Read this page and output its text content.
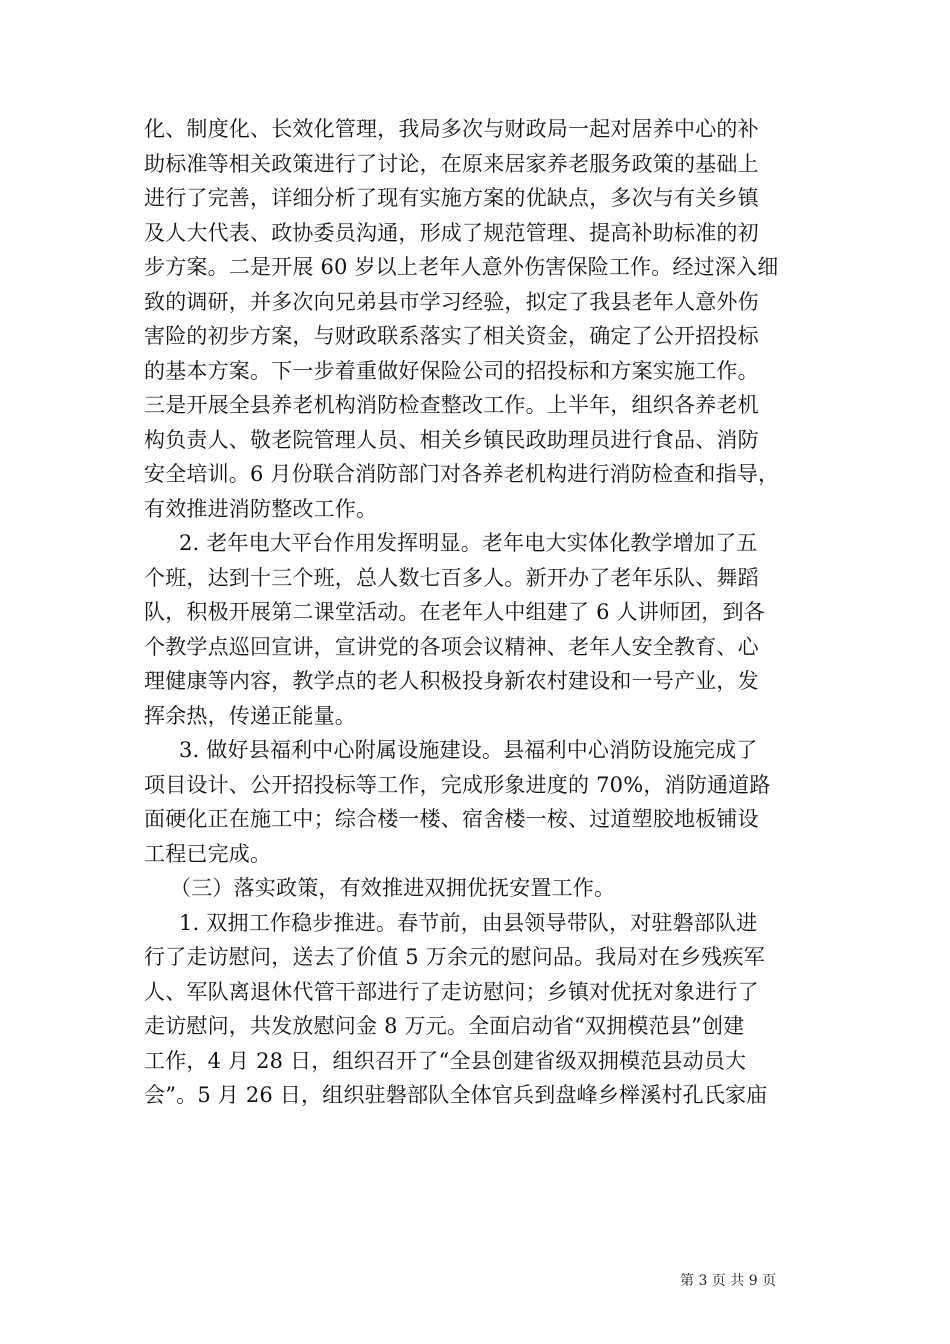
化、制度化、长效化管理，我局多次与财政局一起对居养中心的补
助标准等相关政策进行了讨论，在原来居家养老服务政策的基础上
进行了完善，详细分析了现有实施方案的优缺点，多次与有关乡镇
及人大代表、政协委员沟通，形成了规范管理、提高补助标准的初
步方案。二是开展 60 岁以上老年人意外伤害保险工作。经过深入细
致的调研，并多次向兄弟县市学习经验，拟定了我县老年人意外伤
害险的初步方案，与财政联系落实了相关资金，确定了公开招投标
的基本方案。下一步着重做好保险公司的招投标和方案实施工作。
三是开展全县养老机构消防检查整改工作。上半年，组织各养老机
构负责人、敬老院管理人员、相关乡镇民政助理员进行食品、消防
安全培训。6 月份联合消防部门对各养老机构进行消防检查和指导，
有效推进消防整改工作。
2. 老年电大平台作用发挥明显。老年电大实体化教学增加了五
个班，达到十三个班，总人数七百多人。新开办了老年乐队、舞蹈
队，积极开展第二课堂活动。在老年人中组建了 6 人讲师团，到各
个教学点巡回宣讲，宣讲党的各项会议精神、老年人安全教育、心
理健康等内容，教学点的老人积极投身新农村建设和一号产业，发
挥余热，传递正能量。
3. 做好县福利中心附属设施建设。县福利中心消防设施完成了
项目设计、公开招投标等工作，完成形象进度的 70%，消防通道路
面硬化正在施工中；综合楼一楼、宿舍楼一桉、过道塑胶地板铺设
工程已完成。
（三）落实政策，有效推进双拥优抚安置工作。
1. 双拥工作稳步推进。春节前，由县领导带队，对驻磐部队进
行了走访慰问，送去了价值 5 万余元的慰问品。我局对在乡残疾军
人、军队离退休代管干部进行了走访慰问；乡镇对优抚对象进行了
走访慰问，共发放慰问金 8 万元。全面启动省“双拥模范县”创建
工作，4 月 28 日，组织召开了“全县创建省级双拥模范县动员大
会”。5 月 26 日，组织驻磐部队全体官兵到盘峰乡榉溪村孔氏家庙
第 3 页 共 9 页
